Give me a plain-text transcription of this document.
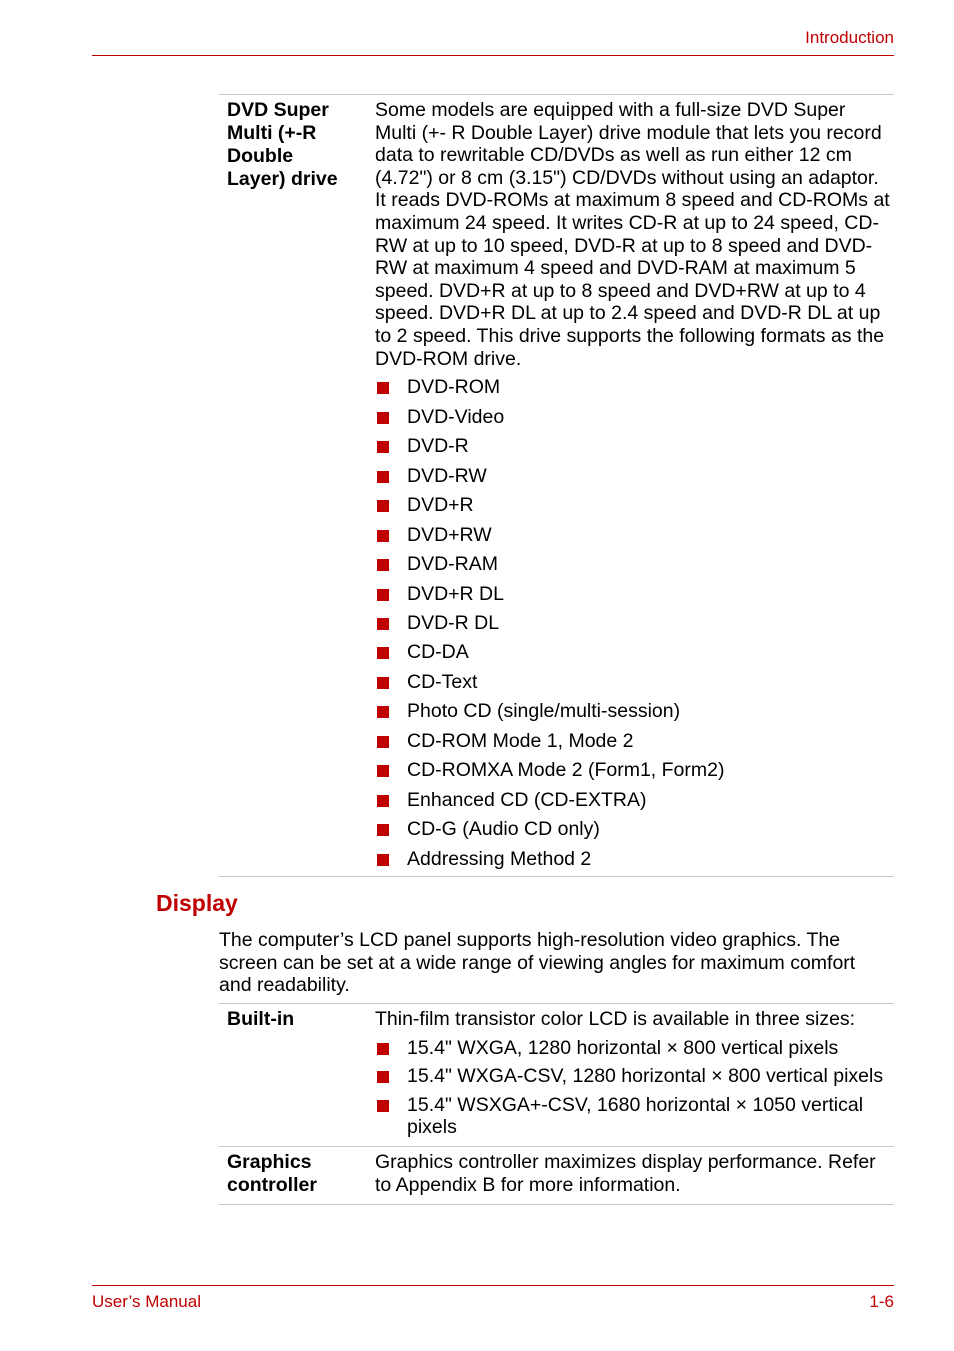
Introduction
DVD Super
Multi (+-R
Double
Layer) drive
Some models are equipped with a full-size DVD Super Multi (+- R Double Layer) drive module that lets you record data to rewritable CD/DVDs as well as run either 12 cm (4.72") or 8 cm (3.15") CD/DVDs without using an adaptor. It reads DVD-ROMs at maximum 8 speed and CD-ROMs at maximum 24 speed. It writes CD-R at up to 24 speed, CD-RW at up to 10 speed, DVD-R at up to 8 speed and DVD-RW at maximum 4 speed and DVD-RAM at maximum 5 speed. DVD+R at up to 8 speed and DVD+RW at up to 4 speed. DVD+R DL at up to 2.4 speed and DVD-R DL at up to 2 speed. This drive supports the following formats as the DVD-ROM drive.
DVD-ROM
DVD-Video
DVD-R
DVD-RW
DVD+R
DVD+RW
DVD-RAM
DVD+R DL
DVD-R DL
CD-DA
CD-Text
Photo CD (single/multi-session)
CD-ROM Mode 1, Mode 2
CD-ROMXA Mode 2 (Form1, Form2)
Enhanced CD (CD-EXTRA)
CD-G (Audio CD only)
Addressing Method 2
Display
The computer’s LCD panel supports high-resolution video graphics. The screen can be set at a wide range of viewing angles for maximum comfort and readability.
Built-in	Thin-film transistor color LCD is available in three sizes:
15.4" WXGA, 1280 horizontal × 800 vertical pixels
15.4" WXGA-CSV, 1280 horizontal × 800 vertical pixels
15.4" WSXGA+-CSV, 1680 horizontal × 1050 vertical pixels
Graphics
controller
Graphics controller maximizes display performance. Refer to Appendix B for more information.
User’s Manual	1-6
